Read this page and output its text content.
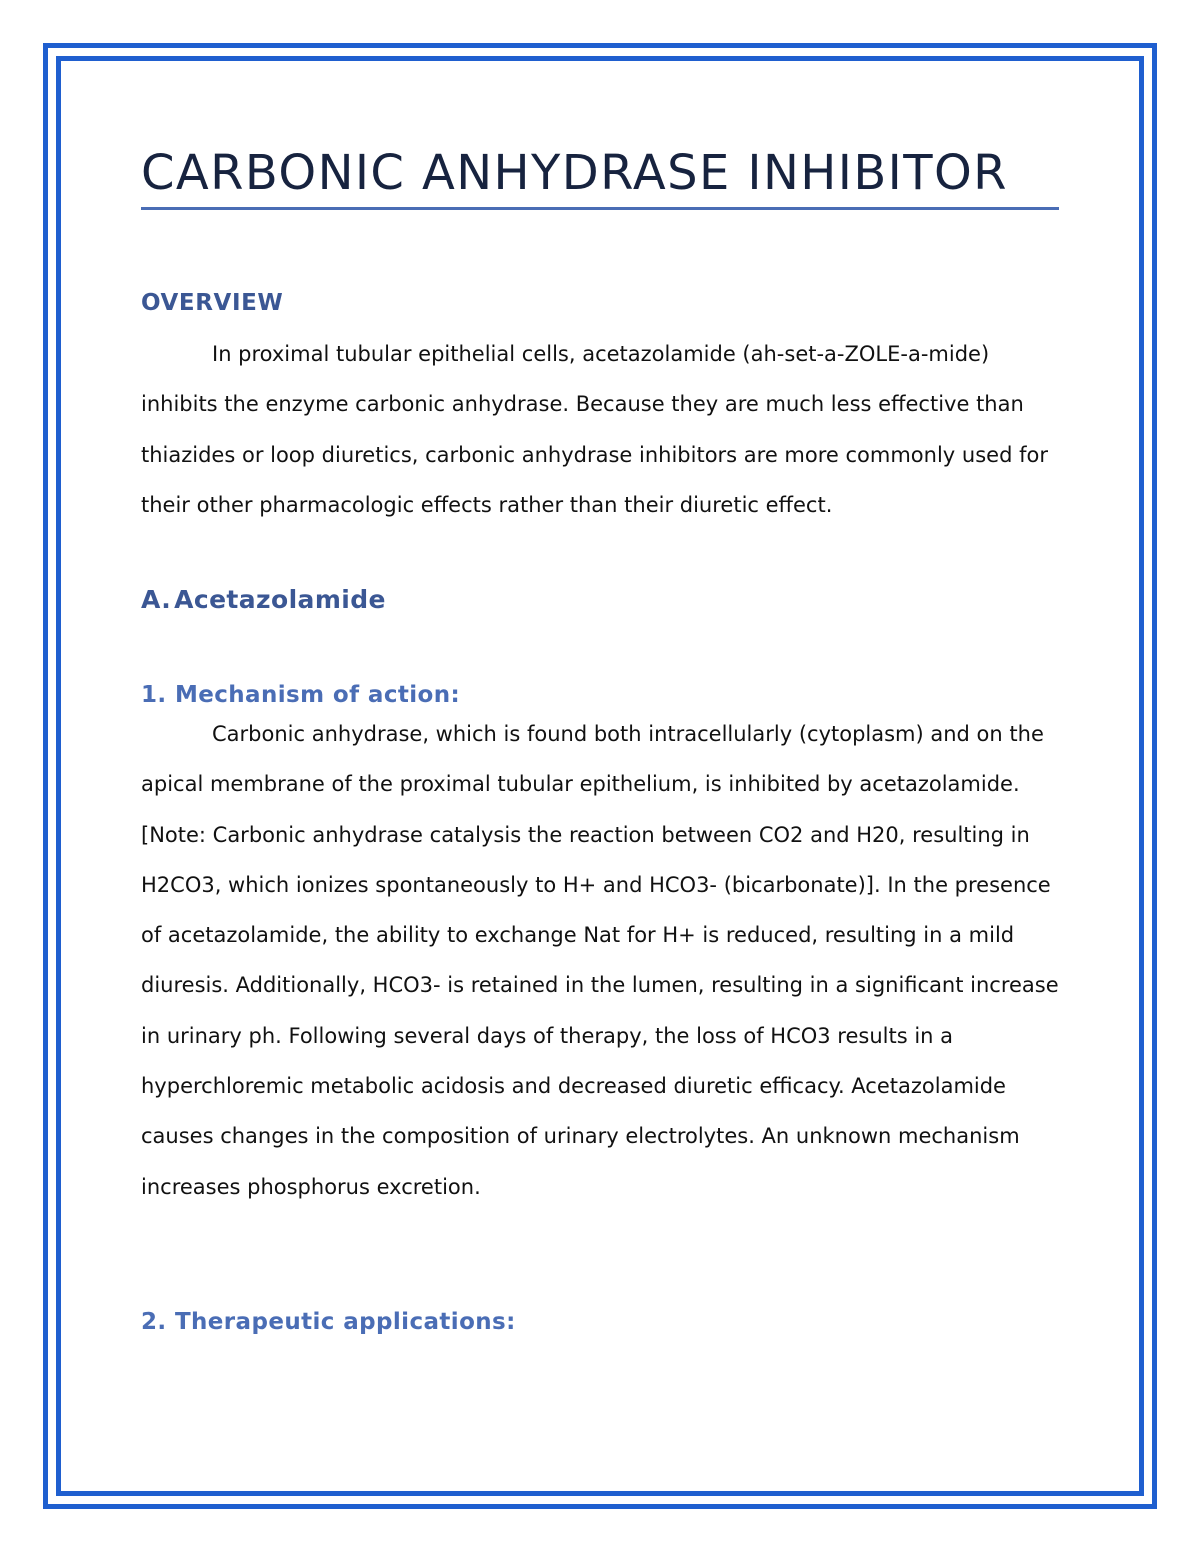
CARBONIC ANHYDRASE INHIBITOR
OVERVIEW

In proximal tubular epithelial cells, acetazolamide (ah-set-a-ZOLE-a-mide) inhibits the enzyme carbonic anhydrase. Because they are much less effective than thiazides or loop diuretics, carbonic anhydrase inhibitors are more commonly used for their other pharmacologic effects rather than their diuretic effect.

A. Acetazolamide
1. Mechanism of action:

Carbonic anhydrase, which is found both intracellularly (cytoplasm) and on the apical membrane of the proximal tubular epithelium, is inhibited by acetazolamide. [Note: Carbonic anhydrase catalysis the reaction between CO2 and H20, resulting in H2CO3, which ionizes spontaneously to H+ and HCO3- (bicarbonate)]. In the presence of acetazolamide, the ability to exchange Nat for H+ is reduced, resulting in a mild diuresis. Additionally, HCO3- is retained in the lumen, resulting in a significant increase in urinary ph. Following several days of therapy, the loss of HCO3 results in a hyperchloremic metabolic acidosis and decreased diuretic efficacy. Acetazolamide causes changes in the composition of urinary electrolytes. An unknown mechanism increases phosphorus excretion.

2. Therapeutic applications:
